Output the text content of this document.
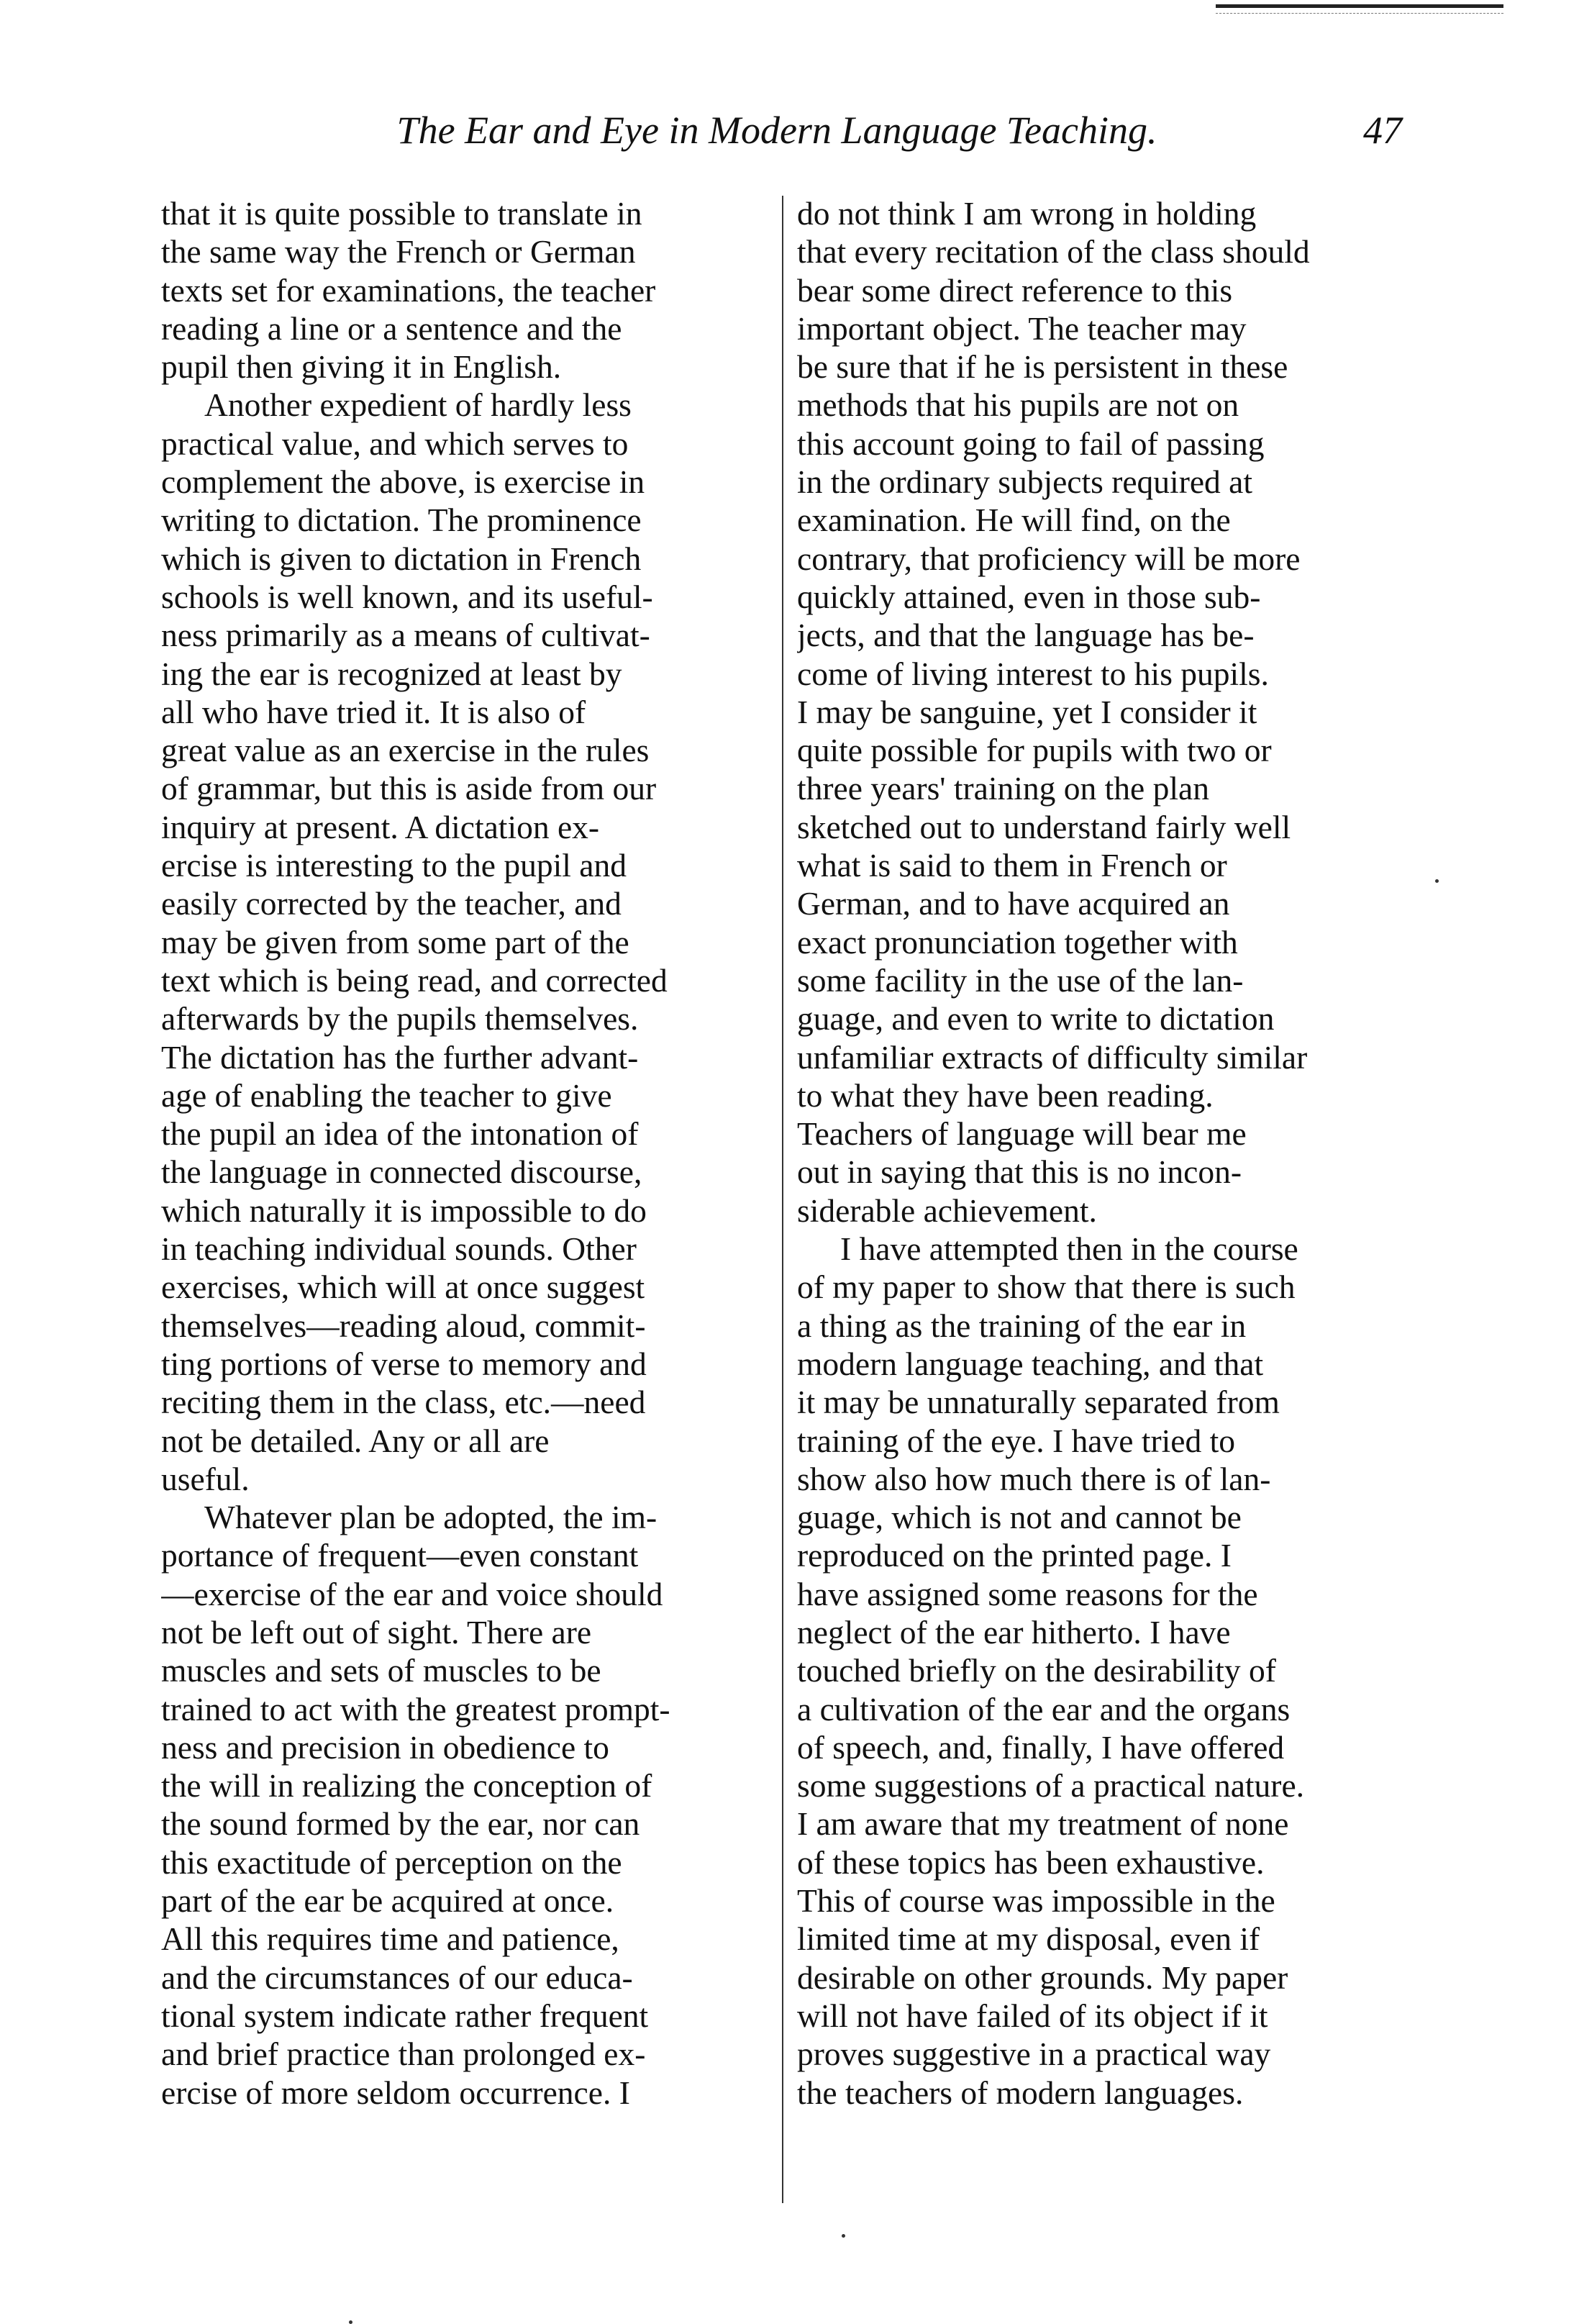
The Ear and Eye in Modern Language Teaching.	47
that it is quite possible to translate in
the same way the French or German
texts set for examinations, the teacher
reading a line or a sentence and the
pupil then giving it in English.
Another expedient of hardly less
practical value, and which serves to
complement the above, is exercise in
writing to dictation. The prominence
which is given to dictation in French
schools is well known, and its useful-
ness primarily as a means of cultivat-
ing the ear is recognized at least by
all who have tried it. It is also of
great value as an exercise in the rules
of grammar, but this is aside from our
inquiry at present. A dictation ex-
ercise is interesting to the pupil and
easily corrected by the teacher, and
may be given from some part of the
text which is being read, and corrected
afterwards by the pupils themselves.
The dictation has the further advant-
age of enabling the teacher to give
the pupil an idea of the intonation of
the language in connected discourse,
which naturally it is impossible to do
in teaching individual sounds. Other
exercises, which will at once suggest
themselves—reading aloud, commit-
ting portions of verse to memory and
reciting them in the class, etc.—need
not be detailed. Any or all are
useful.
Whatever plan be adopted, the im-
portance of frequent—even constant
—exercise of the ear and voice should
not be left out of sight. There are
muscles and sets of muscles to be
trained to act with the greatest prompt-
ness and precision in obedience to
the will in realizing the conception of
the sound formed by the ear, nor can
this exactitude of perception on the
part of the ear be acquired at once.
All this requires time and patience,
and the circumstances of our educa-
tional system indicate rather frequent
and brief practice than prolonged ex-
ercise of more seldom occurrence. I
do not think I am wrong in holding
that every recitation of the class should
bear some direct reference to this
important object. The teacher may
be sure that if he is persistent in these
methods that his pupils are not on
this account going to fail of passing
in the ordinary subjects required at
examination. He will find, on the
contrary, that proficiency will be more
quickly attained, even in those sub-
jects, and that the language has be-
come of living interest to his pupils.
I may be sanguine, yet I consider it
quite possible for pupils with two or
three years' training on the plan
sketched out to understand fairly well
what is said to them in French or
German, and to have acquired an
exact pronunciation together with
some facility in the use of the lan-
guage, and even to write to dictation
unfamiliar extracts of difficulty similar
to what they have been reading.
Teachers of language will bear me
out in saying that this is no incon-
siderable achievement.
I have attempted then in the course
of my paper to show that there is such
a thing as the training of the ear in
modern language teaching, and that
it may be unnaturally separated from
training of the eye. I have tried to
show also how much there is of lan-
guage, which is not and cannot be
reproduced on the printed page. I
have assigned some reasons for the
neglect of the ear hitherto. I have
touched briefly on the desirability of
a cultivation of the ear and the organs
of speech, and, finally, I have offered
some suggestions of a practical nature.
I am aware that my treatment of none
of these topics has been exhaustive.
This of course was impossible in the
limited time at my disposal, even if
desirable on other grounds. My paper
will not have failed of its object if it
proves suggestive in a practical way
the teachers of modern languages.
